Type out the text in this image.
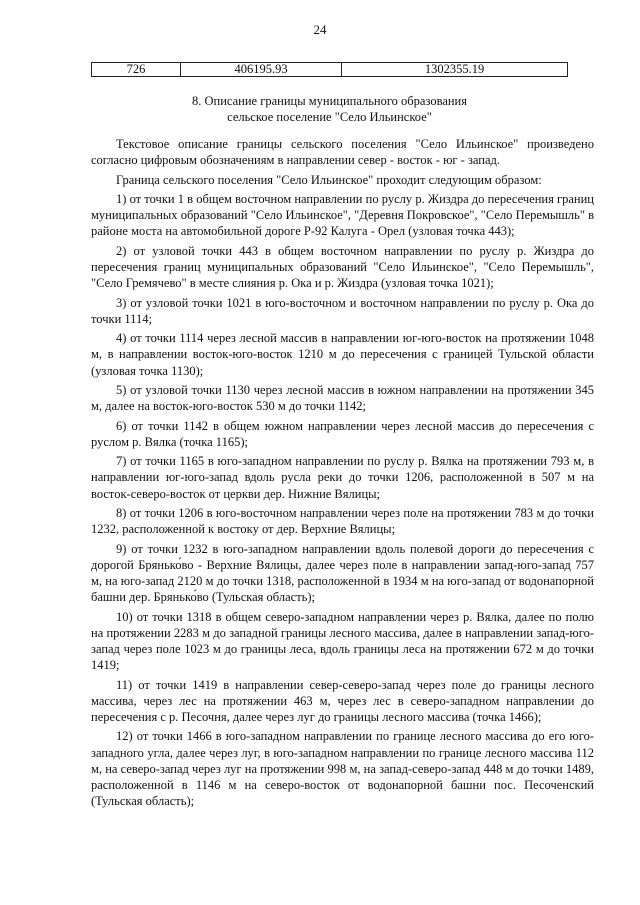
24
726	406195.93	1302355.19
8. Описание границы муниципального образования
сельское поселение "Село Ильинское"

Текстовое описание границы сельского поселения "Село Ильинское" произведено согласно цифровым обозначениям в направлении север - восток - юг - запад.

Граница сельского поселения "Село Ильинское" проходит следующим образом:

1) от точки 1 в общем восточном направлении по руслу р. Жиздра до пересечения границ муниципальных образований "Село Ильинское", "Деревня Покровское", "Село Перемышль" в районе моста на автомобильной дороге Р-92 Калуга - Орел (узловая точка 443);

2) от узловой точки 443 в общем восточном направлении по руслу р. Жиздра до пересечения границ муниципальных образований "Село Ильинское", "Село Перемышль", "Село Гремячево" в месте слияния р. Ока и р. Жиздра (узловая точка 1021);

3) от узловой точки 1021 в юго-восточном и восточном направлении по руслу р. Ока до точки 1114;

4) от точки 1114 через лесной массив в направлении юг-юго-восток на протяжении 1048 м, в направлении восток-юго-восток 1210 м до пересечения с границей Тульской области (узловая точка 1130);

5) от узловой точки 1130 через лесной массив в южном направлении на протяжении 345 м, далее на восток-юго-восток 530 м до точки 1142;

6) от точки 1142 в общем южном направлении через лесной массив до пересечения с руслом р. Вялка (точка 1165);

7) от точки 1165 в юго-западном направлении по руслу р. Вялка на протяжении 793 м, в направлении юг-юго-запад вдоль русла реки до точки 1206, расположенной в 507 м на восток-северо-восток от церкви дер. Нижние Вялицы;

8) от точки 1206 в юго-восточном направлении через поле на протяжении 783 м до точки 1232, расположенной к востоку от дер. Верхние Вялицы;

9) от точки 1232 в юго-западном направлении вдоль полевой дороги до пересечения с дорогой Брянько́во - Верхние Вялицы, далее через поле в направлении запад-юго-запад 757 м, на юго-запад 2120 м до точки 1318, расположенной в 1934 м на юго-запад от водонапорной башни дер. Брянько́во (Тульская область);

10) от точки 1318 в общем северо-западном направлении через р. Вялка, далее по полю на протяжении 2283 м до западной границы лесного массива, далее в направлении запад-юго-запад через поле 1023 м до границы леса, вдоль границы леса на протяжении 672 м до точки 1419;

11) от точки 1419 в направлении север-северо-запад через поле до границы лесного массива, через лес на протяжении 463 м, через лес в северо-западном направлении до пересечения с р. Песочня, далее через луг до границы лесного массива (точка 1466);

12) от точки 1466 в юго-западном направлении по границе лесного массива до его юго-западного угла, далее через луг, в юго-западном направлении по границе лесного массива 112 м, на северо-запад через луг на протяжении 998 м, на запад-северо-запад 448 м до точки 1489, расположенной в 1146 м на северо-восток от водонапорной башни пос. Песоченский (Тульская область);
